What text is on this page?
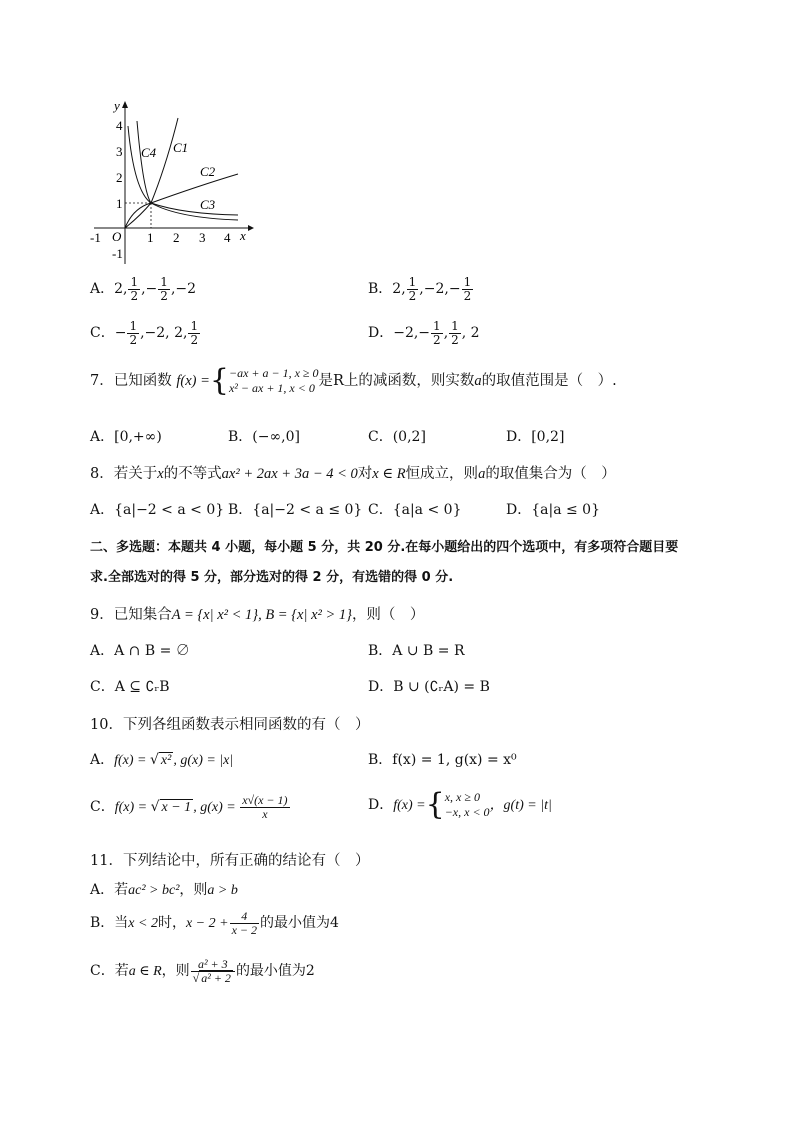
y
x
O
-1	1 2 3 4
4
3
2
1
-1
C4 C1
C2
C3
A．2, $\frac{1}{2}$ ,− $\frac{1}{2} ,-2$	B．2, $\frac{1}{2} ,-2,- \frac{1}{2}$
C．− $\frac{1}{2} ,-2$, 2, $\frac{1}{2}$	D．$-2,- \frac{1}{2}$ , $\frac{1}{2}$ , 2
7．已知函数 f(x) ={ −ax + a − 1, x ≥ 0
x² − ax + 1, x < 0 是R上的减函数，则实数a的取值范围是（　）.
A．[0,+∞)	B．(−∞,0]	C．(0,2]	D．[0,2]
8．若关于x的不等式ax² + 2ax + 3a − 4 < 0对x ∈ R恒成立，则a的取值集合为（　）
A．{a|−2 < a < 0} B．{a|−2 < a ≤ 0} C．{a|a < 0}	D．{a|a ≤ 0}
二、多选题：本题共 4 小题，每小题 5 分，共 20 分.在每小题给出的四个选项中，有多项符合题目要
求.全部选对的得 5 分，部分选对的得 2 分，有选错的得 0 分.
9．已知集合A = {x| x² < 1}, B = {x| x² > 1}，则（　）
A．A ∩ B = ∅	B．A ∪ B = R
C．A ⊆ ∁ᵣB	D．B ∪ (∁ᵣA) = B
10．下列各组函数表示相同函数的有（　）
A．f(x) = √ x² , g(x) = |x|	B．f(x) = 1, g(x) = x⁰
C．f(x) = √ x − 1 , $g(x) = \frac{x√(x - 1)}{x}$	D．f(x) ={ x, x ≥ 0
−x, x < 0 ，g(t) = |t|
11．下列结论中，所有正确的结论有（　）
A．若ac² > bc²，则a > b
B．当x < 2时，$x - 2 + \frac{4}{x - 2}$ 的最小值为4
C．若a ∈ R，则 $\frac{\text{a² + 3}}{\text{√ a² + 2}}$ 的最小值为2
